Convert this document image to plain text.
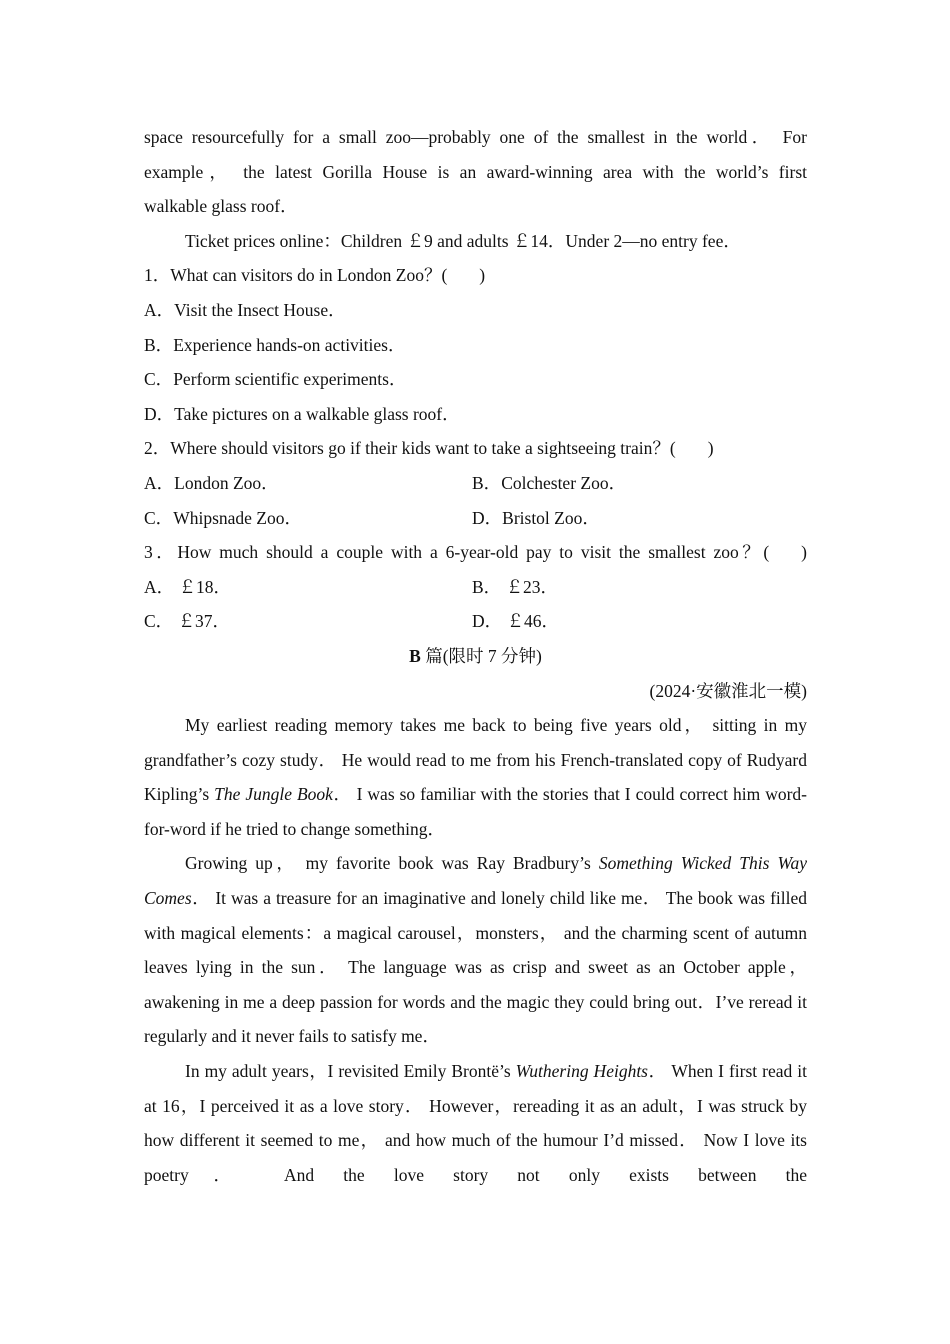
space resourcefully for a small zoo—probably one of the smallest in the world． For
example， the latest Gorilla House is an award-winning area with the world’s first
walkable glass roof．
Ticket prices online：Children ￡9 and adults ￡14．Under 2—no entry fee．
1．What can visitors do in London Zoo？( )
A．Visit the Insect House．
B．Experience hands-on activities．
C．Perform scientific experiments．
D．Take pictures on a walkable glass roof．
2．Where should visitors go if their kids want to take a sightseeing train？( )
A．London Zoo．	B．Colchester Zoo．
C．Whipsnade Zoo．	D．Bristol Zoo．
3．How much should a couple with a 6-year-old pay to visit the smallest zoo？( )
A． ￡18．	B． ￡23．
C． ￡37．	D． ￡46．
B 篇(限时 7 分钟)
(2024·安徽淮北一模)
My earliest reading memory takes me back to being five years old， sitting in my grandfather’s cozy study． He would read to me from his French-translated copy of Rudyard Kipling’s The Jungle Book． I was so familiar with the stories that I could correct him word-for-word if he tried to change something．
Growing up， my favorite book was Ray Bradbury’s Something Wicked This Way Comes． It was a treasure for an imaginative and lonely child like me． The book was filled with magical elements：a magical carousel，monsters， and the charming scent of autumn leaves lying in the sun． The language was as crisp and sweet as an October apple， awakening in me a deep passion for words and the magic they could bring out．I’ve reread it regularly and it never fails to satisfy me．
In my adult years，I revisited Emily Brontë’s Wuthering Heights． When I first read it at 16，I perceived it as a love story． However，rereading it as an adult，I was struck by how different it seemed to me， and how much of the humour I’d missed． Now I love its poetry． And the love story not only exists between the
